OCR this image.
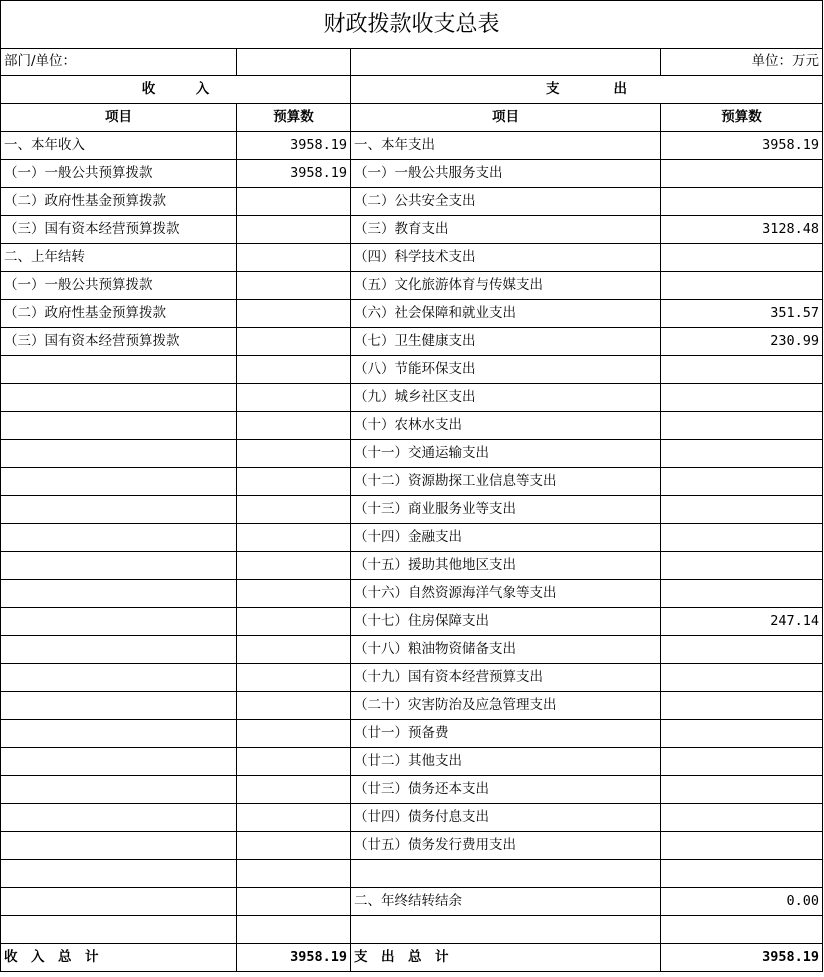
财政拨款收支总表			
部门/单位：			单位：万元
收　　　入		支　　　　出	
项目	预算数	项目	预算数
一、本年收入	3958.19	一、本年支出	3958.19
（一）一般公共预算拨款	3958.19	（一）一般公共服务支出	
（二）政府性基金预算拨款		（二）公共安全支出	
（三）国有资本经营预算拨款		（三）教育支出	3128.48
二、上年结转		（四）科学技术支出	
（一）一般公共预算拨款		（五）文化旅游体育与传媒支出	
（二）政府性基金预算拨款		（六）社会保障和就业支出	351.57
（三）国有资本经营预算拨款		（七）卫生健康支出	230.99
		（八）节能环保支出	
		（九）城乡社区支出	
		（十）农林水支出	
		（十一）交通运输支出	
		（十二）资源勘探工业信息等支出	
		（十三）商业服务业等支出	
		（十四）金融支出	
		（十五）援助其他地区支出	
		（十六）自然资源海洋气象等支出	
		（十七）住房保障支出	247.14
		（十八）粮油物资储备支出	
		（十九）国有资本经营预算支出	
		（二十）灾害防治及应急管理支出	
		（廿一）预备费	
		（廿二）其他支出	
		（廿三）债务还本支出	
		（廿四）债务付息支出	
		（廿五）债务发行费用支出	

		二、年终结转结余	0.00

收　入　总　计	3958.19	支　出　总　计	3958.19
